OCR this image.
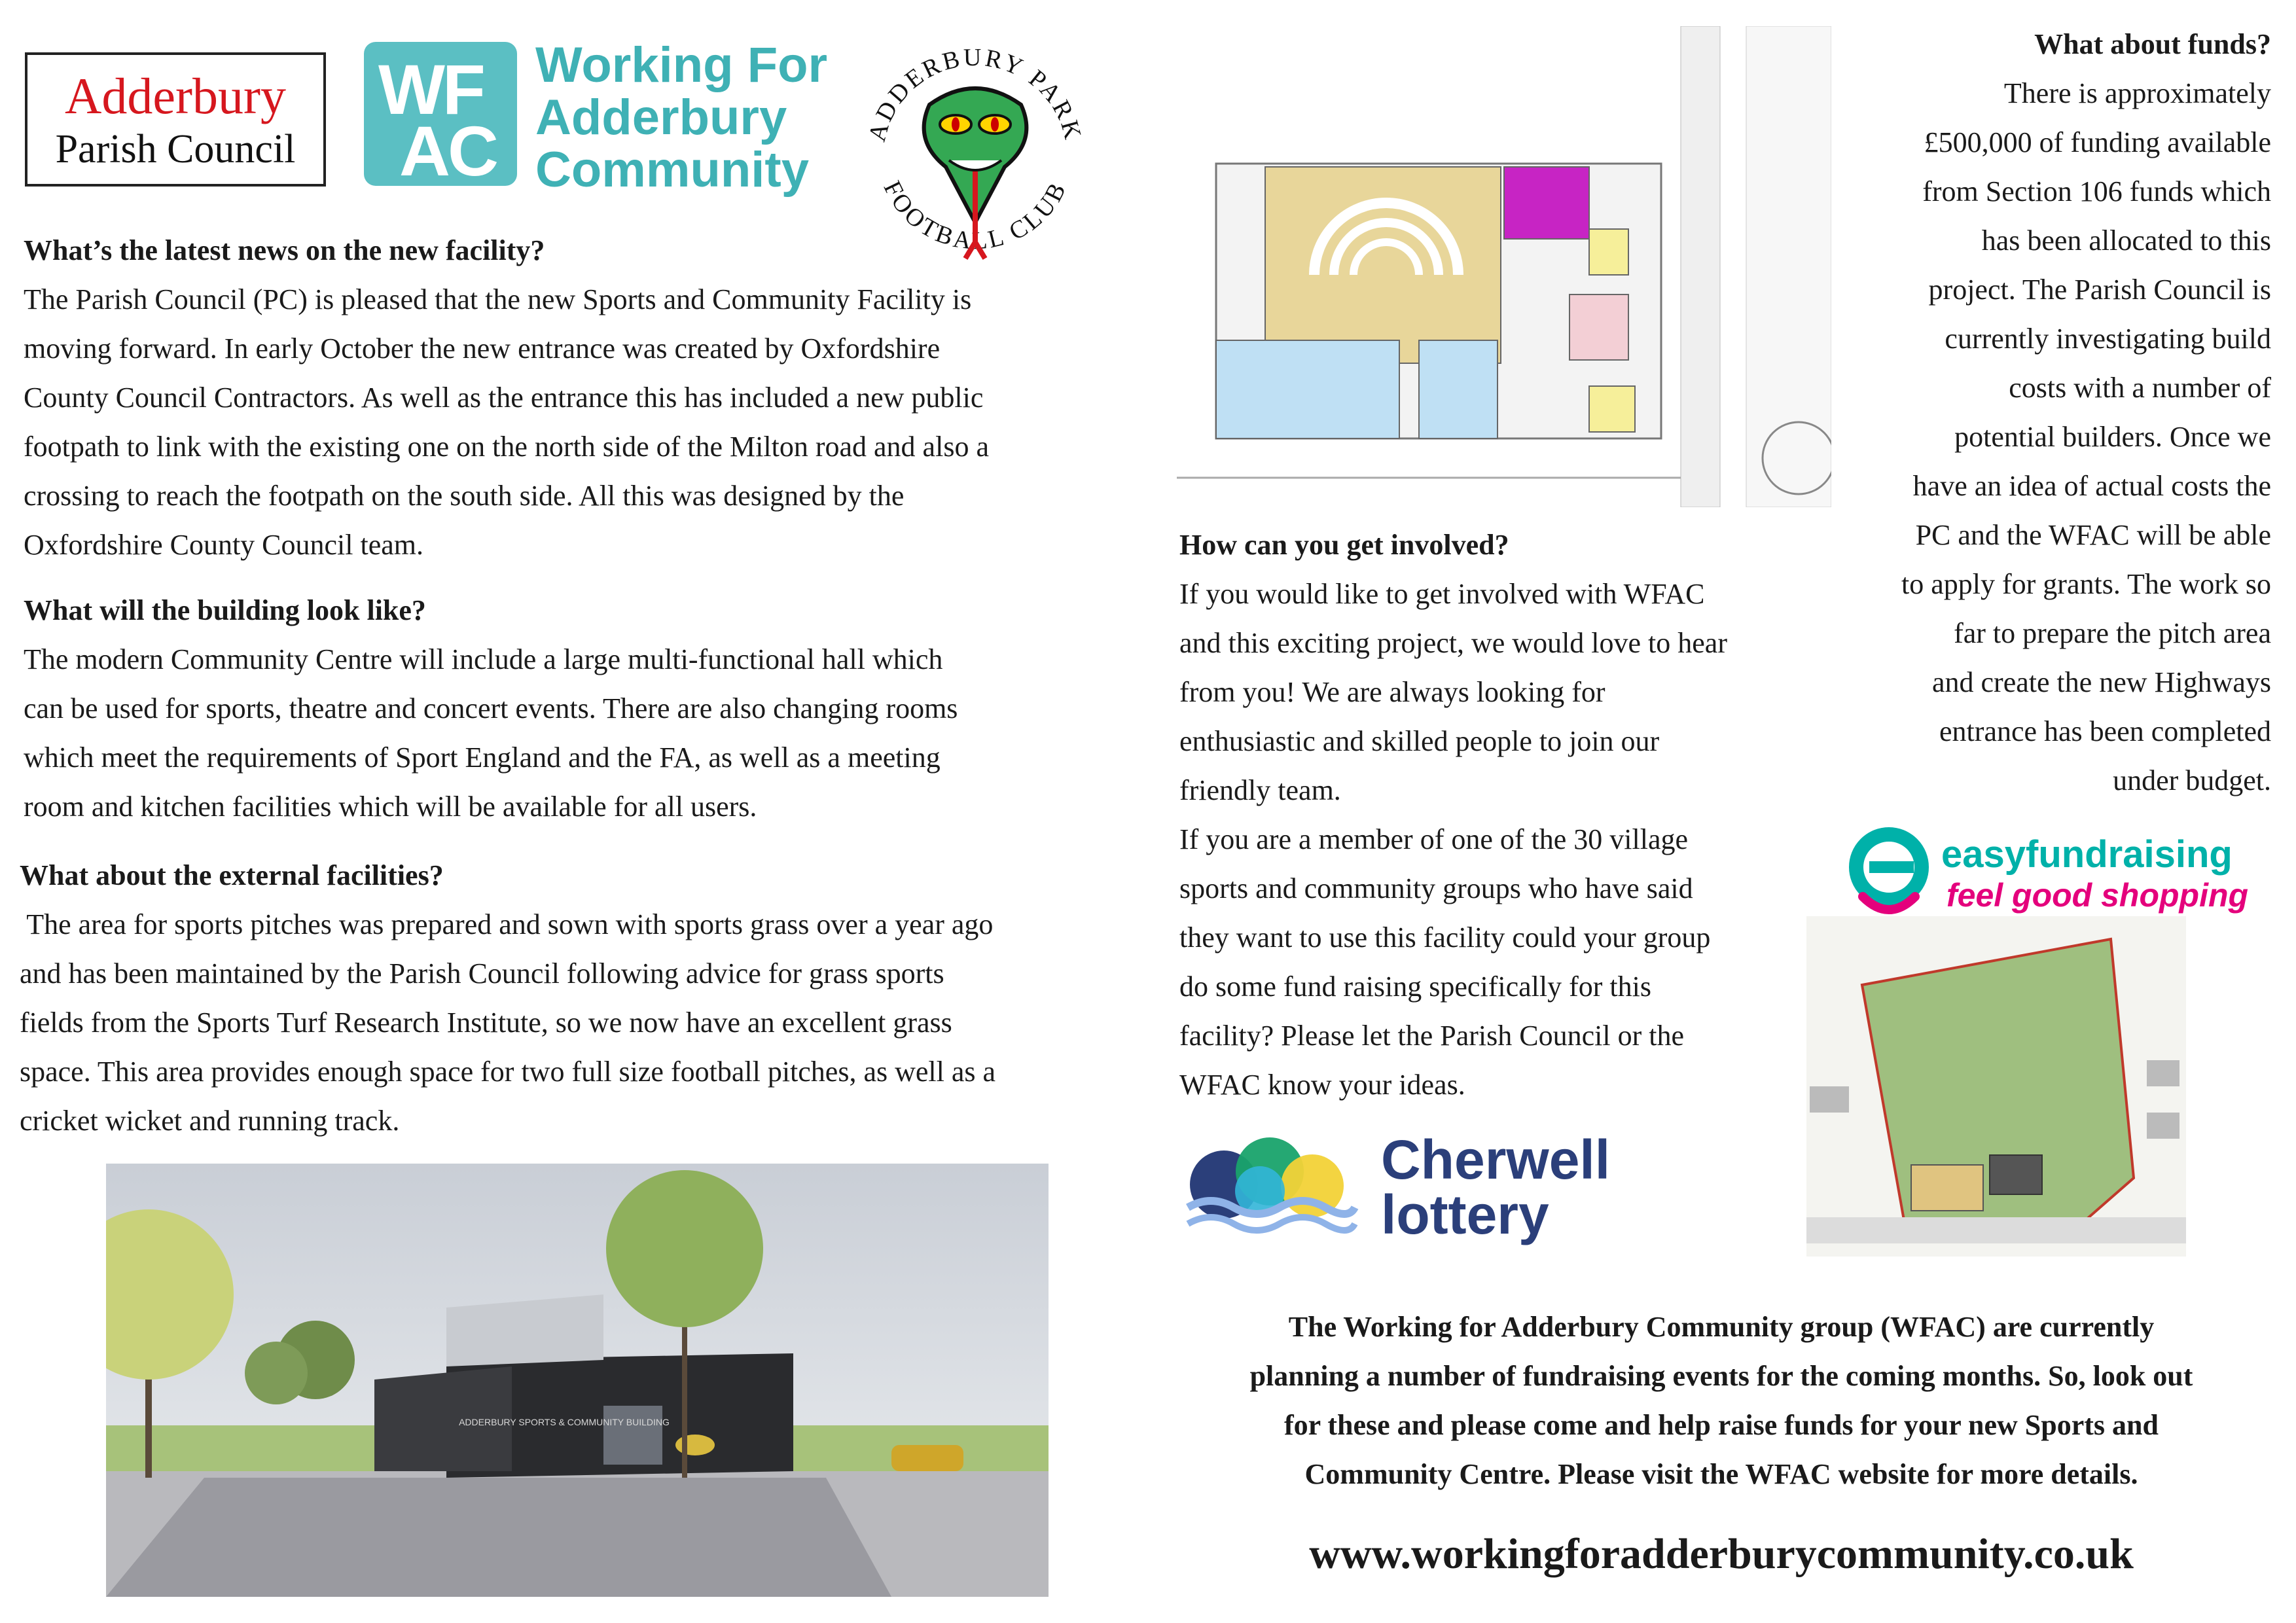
Adderbury
Parish Council
WF
AC
Working For
Adderbury
Community
ADDERBURY PARK
FOOTBALL CLUB

What’s the latest news on the new facility?

The Parish Council (PC) is pleased that the new Sports and Community Facility is

moving forward. In early October the new entrance was created by Oxfordshire

County Council Contractors. As well as the entrance this has included a new public

footpath to link with the existing one on the north side of the Milton road and also a

crossing to reach the footpath on the south side. All this was designed by the

Oxfordshire County Council team.

What will the building look like?

The modern Community Centre will include a large multi-functional hall which

can be used for sports, theatre and concert events. There are also changing rooms

which meet the requirements of Sport England and the FA, as well as a meeting

room and kitchen facilities which will be available for all users.

What about the external facilities?

The area for sports pitches was prepared and sown with sports grass over a year ago

and has been maintained by the Parish Council following advice for grass sports

fields from the Sports Turf Research Institute, so we now have an excellent grass

space. This area provides enough space for two full size football pitches, as well as a

cricket wicket and running track.

ADDERBURY SPORTS & COMMUNITY BUILDING

How can you get involved?

If you would like to get involved with WFAC

and this exciting project, we would love to hear

from you! We are always looking for

enthusiastic and skilled people to join our

friendly team.

If you are a member of one of the 30 village

sports and community groups who have said

they want to use this facility could your group

do some fund raising specifically for this

facility? Please let the Parish Council or the

WFAC know your ideas.

What about funds?

There is approximately

£500,000 of funding available

from Section 106 funds which

has been allocated to this

project. The Parish Council is

currently investigating build

costs with a number of

potential builders. Once we

have an idea of actual costs the

PC and the WFAC will be able

to apply for grants. The work so

far to prepare the pitch area

and create the new Highways

entrance has been completed

under budget.

easyfundraising
feel good shopping
Cherwell
lottery

The Working for Adderbury Community group (WFAC) are currently

planning a number of fundraising events for the coming months. So, look out

for these and please come and help raise funds for your new Sports and

Community Centre. Please visit the WFAC website for more details.

www.workingforadderburycommunity.co.uk
